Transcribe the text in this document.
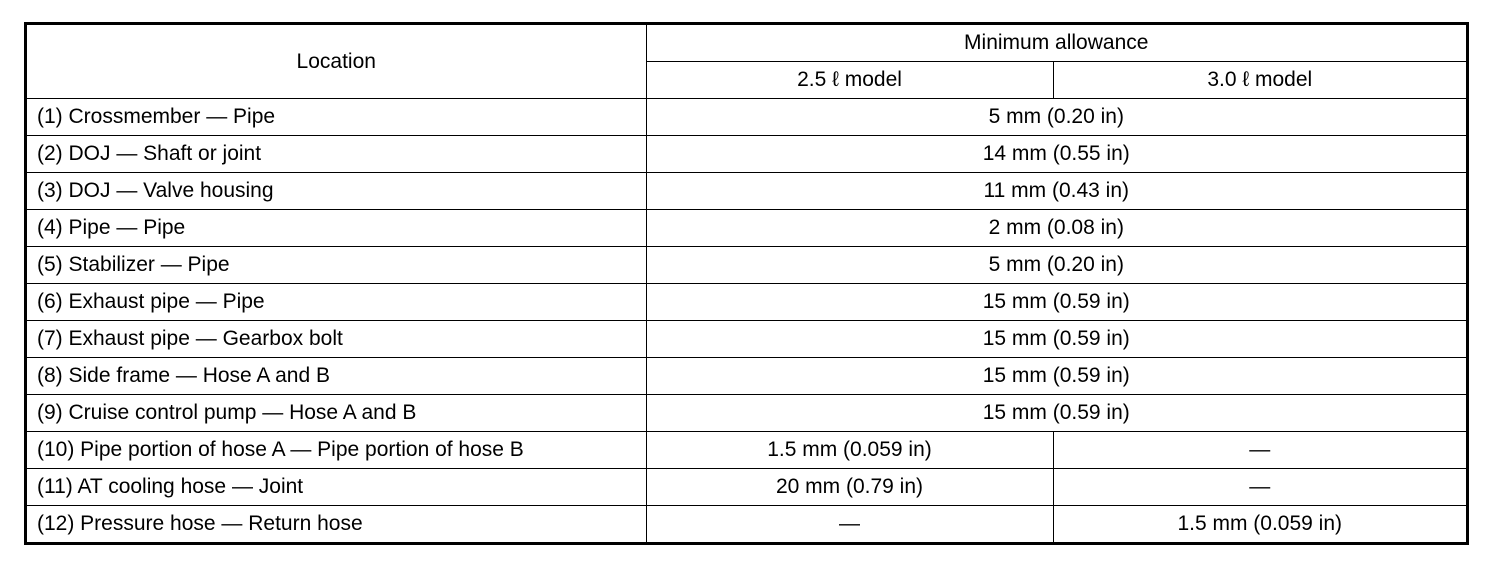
Location	Minimum allowance	
	2.5 ℓ model	3.0 ℓ model
(1) Crossmember — Pipe	5 mm (0.20 in)	
(2) DOJ — Shaft or joint	14 mm (0.55 in)	
(3) DOJ — Valve housing	11 mm (0.43 in)	
(4) Pipe — Pipe	2 mm (0.08 in)	
(5) Stabilizer — Pipe	5 mm (0.20 in)	
(6) Exhaust pipe — Pipe	15 mm (0.59 in)	
(7) Exhaust pipe — Gearbox bolt	15 mm (0.59 in)	
(8) Side frame — Hose A and B	15 mm (0.59 in)	
(9) Cruise control pump — Hose A and B	15 mm (0.59 in)	
(10) Pipe portion of hose A — Pipe portion of hose B	1.5 mm (0.059 in)	—
(11) AT cooling hose — Joint	20 mm (0.79 in)	—
(12) Pressure hose — Return hose	—	1.5 mm (0.059 in)
